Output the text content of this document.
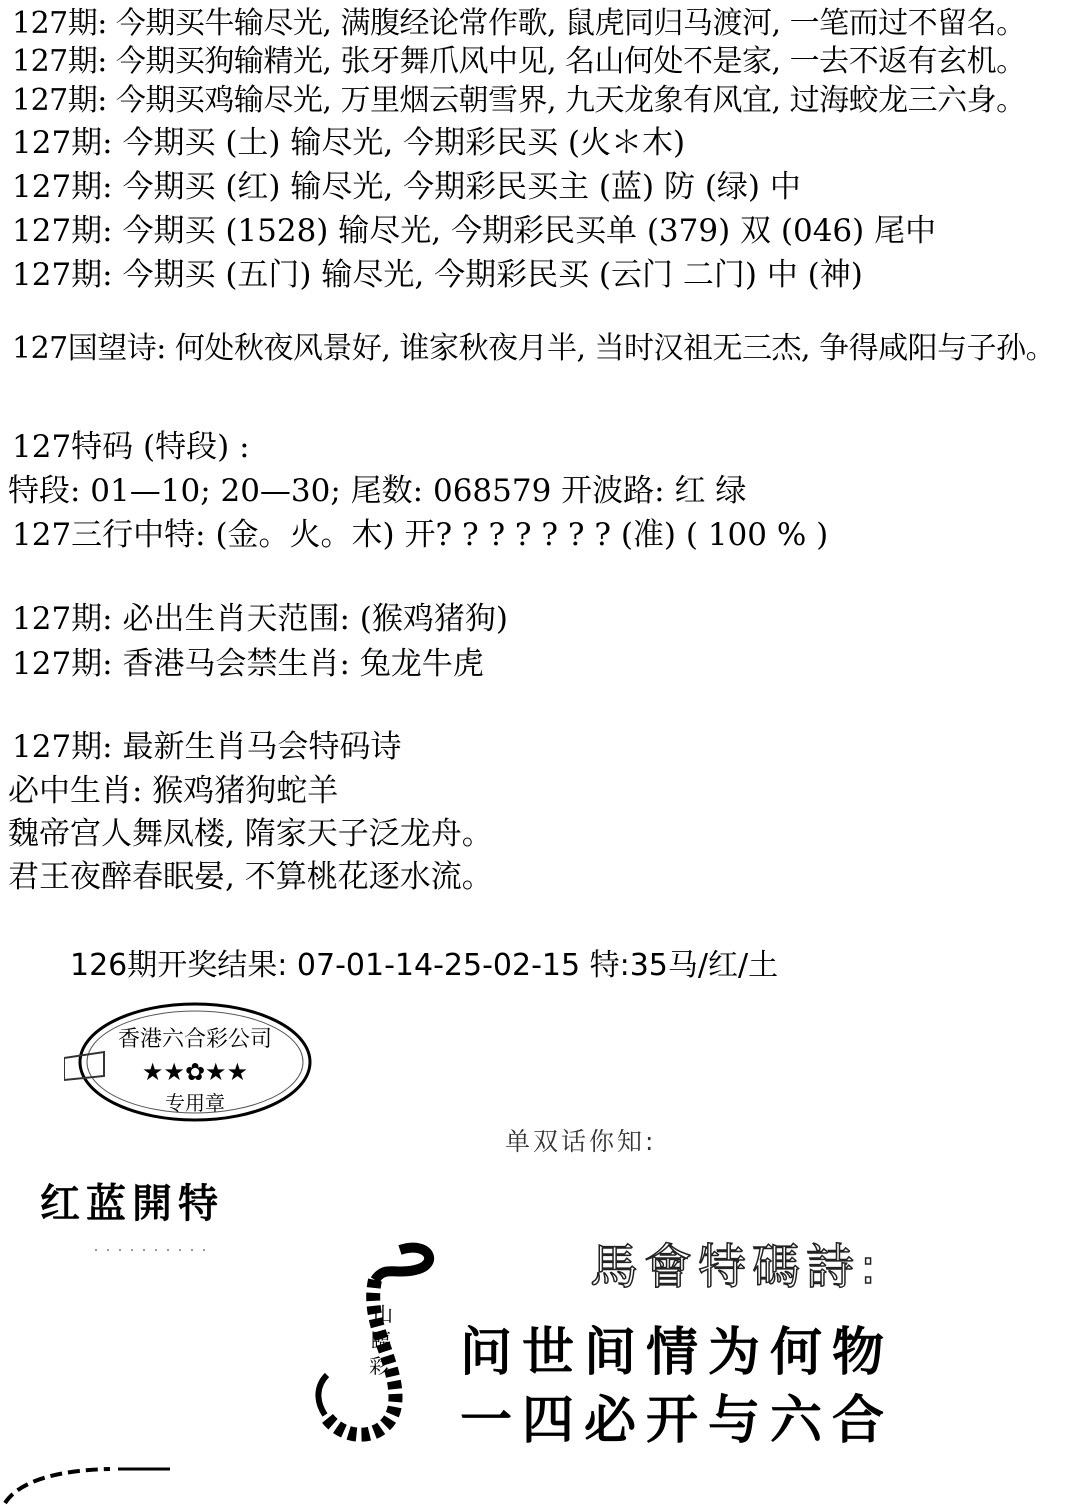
127期: 今期买牛输尽光, 满腹经论常作歌, 鼠虎同归马渡河, 一笔而过不留名。
127期: 今期买狗输精光, 张牙舞爪风中见, 名山何处不是家, 一去不返有玄机。
127期: 今期买鸡输尽光, 万里烟云朝雪界, 九天龙象有风宜, 过海蛟龙三六身。
127期: 今期买 (土) 输尽光, 今期彩民买 (火＊木)
127期: 今期买 (红) 输尽光, 今期彩民买主 (蓝) 防 (绿) 中
127期: 今期买 (1528) 输尽光, 今期彩民买单 (379) 双 (046) 尾中
127期: 今期买 (五门) 输尽光, 今期彩民买 (云门 二门) 中 (神)
127国望诗: 何处秋夜风景好, 谁家秋夜月半, 当时汉祖无三杰, 争得咸阳与子孙。
127特码 (特段) :
特段: 01—10; 20—30; 尾数: 068579 开波路: 红 绿
127三行中特: (金。火。木) 开? ? ? ? ? ? ? (准) ( 100 % )
127期: 必出生肖天范围: (猴鸡猪狗)
127期: 香港马会禁生肖: 兔龙牛虎
127期: 最新生肖马会特码诗
必中生肖: 猴鸡猪狗蛇羊
魏帝宫人舞凤楼, 隋家天子泛龙舟。
君王夜醉春眠晏, 不算桃花逐水流。
126期开奖结果: 07-01-14-25-02-15 特:35马/红/土
香港六合彩公司
★★✿★★
专用章
单双话你知:
红蓝開特
馬會特碼詩:
山
臨
彩 问世间情为何物
一四必开与六合
